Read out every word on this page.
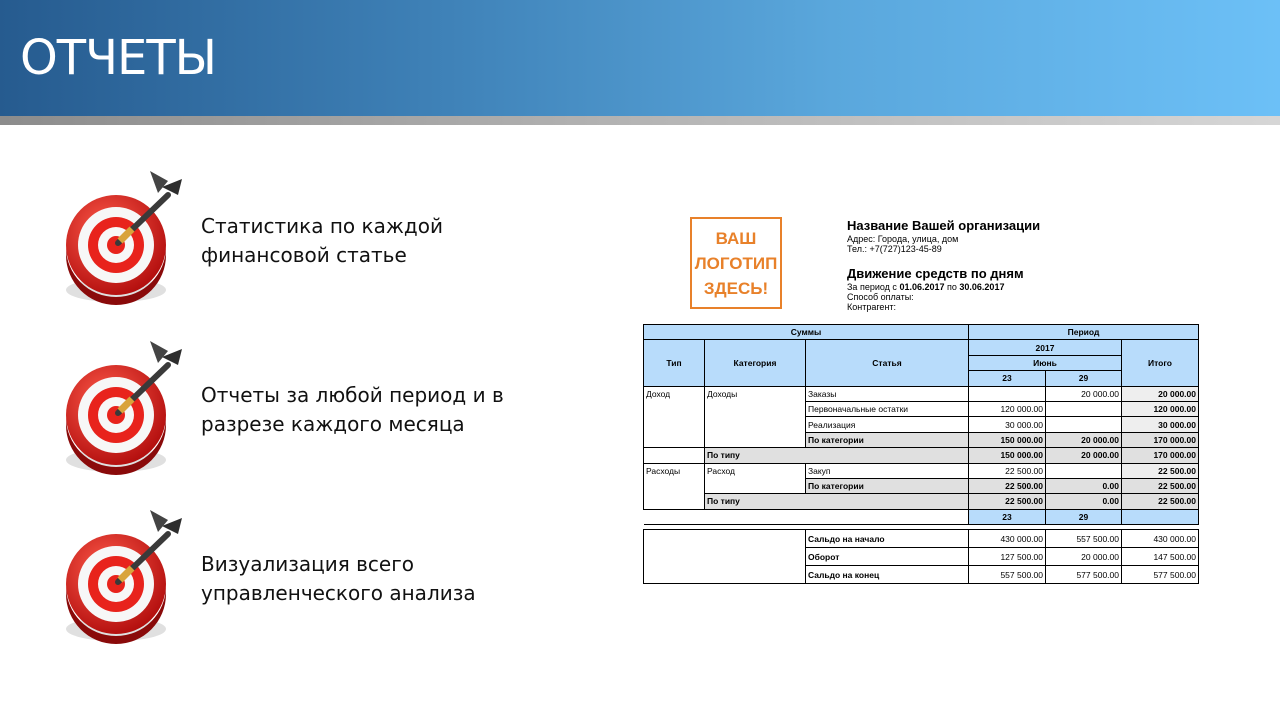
ОТЧЕТЫ
Статистика по каждой
финансовой статье
Отчеты за любой период и в
разрезе каждого месяца
Визуализация всего
управленческого анализа
ВАШ
ЛОГОТИП
ЗДЕСЬ!
Название Вашей организации
Адрес: Города, улица, дом
Тел.: +7(727)123-45-89
Движение средств по дням
За период с 01.06.2017 по 30.06.2017
Способ оплаты:
Контрагент:
Суммы			Период		
Тип	Категория	Статья	2017		Итого
			Июнь		
			23	29	
Доход	Доходы	Заказы		20 000.00	20 000.00
		Первоначальные остатки	120 000.00		120 000.00
		Реализация	30 000.00		30 000.00
		По категории	150 000.00	20 000.00	170 000.00
	По типу		150 000.00	20 000.00	170 000.00
Расходы	Расход	Закуп	22 500.00		22 500.00
		По категории	22 500.00	0.00	22 500.00
	По типу		22 500.00	0.00	22 500.00
			23	29	

		Сальдо на начало	430 000.00	557 500.00	430 000.00
		Оборот	127 500.00	20 000.00	147 500.00
		Сальдо на конец	557 500.00	577 500.00	577 500.00
